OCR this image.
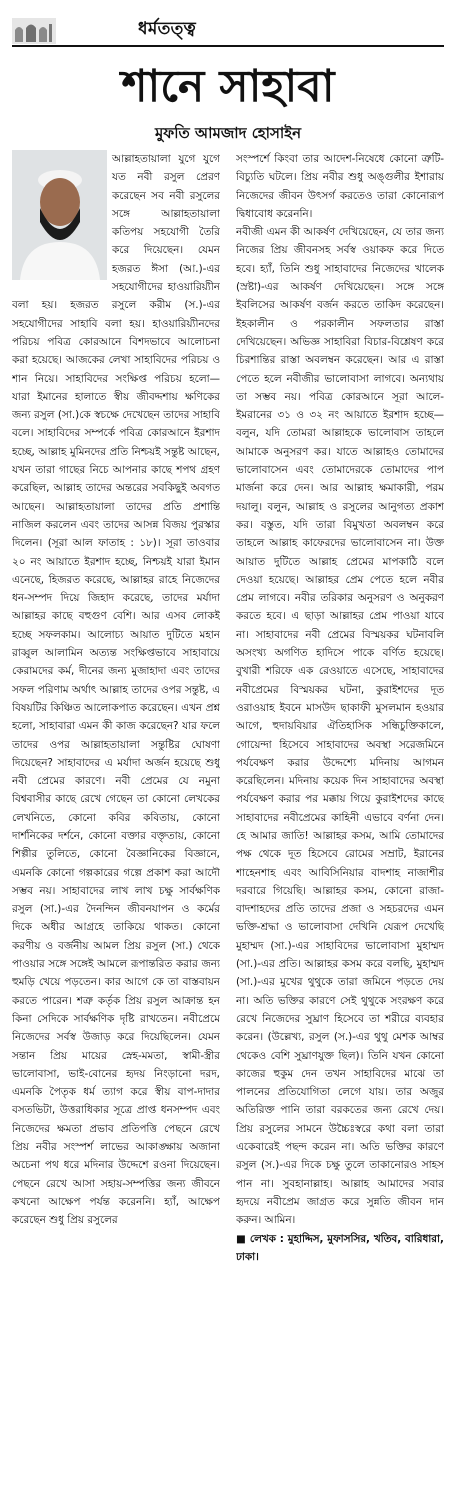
ধর্মতত্ত্ব
শানে সাহাবা
মুফতি আমজাদ হোসাইন

আল্লাহতায়ালা যুগে যুগে যত নবী রসুল প্রেরণ করেছেন সব নবী রসুলের সঙ্গে আল্লাহতায়ালা কতিপয় সহযোগী তৈরি করে দিয়েছেন। যেমন হজরত ঈসা (আ.)-এর সহযোগীদের হাওয়ারিয়্যীন বলা হয়। হজরত রসুলে করীম (স.)-এর সহযোগীদের সাহাবি বলা হয়। হাওয়ারিয়্যীনদের পরিচয় পবিত্র কোরআনে বিশদভাবে আলোচনা করা হয়েছে। আজকের লেখা সাহাবিদের পরিচয় ও শান নিয়ে। সাহাবিদের সংক্ষিপ্ত পরিচয় হলো— যারা ইমানের হালাতে স্বীয় জীবদ্দশায় ক্ষণিকের জন্য রসুল (সা.)কে স্বচক্ষে দেখেছেন তাদের সাহাবি বলে। সাহাবিদের সম্পর্কে পবিত্র কোরআনে ইরশাদ হচ্ছে, আল্লাহ মুমিনদের প্রতি নিশ্চয়ই সন্তুষ্ট আছেন, যখন তারা গাছের নিচে আপনার কাছে শপথ গ্রহণ করেছিল, আল্লাহ তাদের অন্তরের সবকিছুই অবগত আছেন। আল্লাহতায়ালা তাদের প্রতি প্রশান্তি নাজিল করলেন এবং তাদের আসন্ন বিজয় পুরস্কার দিলেন। (সূরা আল ফাতাহ : ১৮)। সূরা তাওবার ২০ নং আয়াতে ইরশাদ হচ্ছে, নিশ্চয়ই যারা ইমান এনেছে, হিজরত করেছে, আল্লাহর রাহে নিজেদের ধন-সম্পদ দিয়ে জিহাদ করেছে, তাদের মর্যাদা আল্লাহর কাছে বহুগুণ বেশি। আর এসব লোকই হচ্ছে সফলকাম। আলোচ্য আয়াত দুটিতে মহান রাব্বুল আলামিন অত্যন্ত সংক্ষিপ্তভাবে সাহাবায়ে কেরামদের কর্ম, দীনের জন্য মুজাহাদা এবং তাদের সফল পরিণাম অর্থাৎ আল্লাহ তাদের ওপর সন্তুষ্ট, এ বিষয়টির কিঞ্চিত আলোকপাত করেছেন। এখন প্রশ্ন হলো, সাহাবারা এমন কী কাজ করেছেন? যার ফলে তাদের ওপর আল্লাহতায়ালা সন্তুষ্টির ঘোষণা দিয়েছেন? সাহাবাদের এ মর্যাদা অর্জন হয়েছে শুধু নবী প্রেমের কারণে। নবী প্রেমের যে নমুনা বিশ্ববাসীর কাছে রেখে গেছেন তা কোনো লেখকের লেখনিতে, কোনো কবির কবিতায়, কোনো দার্শনিকের দর্শনে, কোনো বক্তার বক্তৃতায়, কোনো শিল্পীর তুলিতে, কোনো বৈজ্ঞানিকের বিজ্ঞানে, এমনকি কোনো গল্পকারের গল্পে প্রকাশ করা আদৌ সম্ভব নয়। সাহাবাদের লাখ লাখ চক্ষু সার্বক্ষণিক রসুল (সা.)-এর দৈনন্দিন জীবনযাপন ও কর্মের দিকে অধীর আগ্রহে তাকিয়ে থাকত। কোনো করণীয় ও বর্জনীয় আমল প্রিয় রসুল (সা.) থেকে পাওয়ার সঙ্গে সঙ্গেই আমলে রূপান্তরিত করার জন্য হুমড়ি খেয়ে পড়তেন। কার আগে কে তা বাস্তবায়ন করতে পারেন। শত্রু কর্তৃক প্রিয় রসুল আক্রান্ত হন কিনা সেদিকে সার্বক্ষণিক দৃষ্টি রাখতেন। নবীপ্রেমে নিজেদের সর্বস্ব উজাড় করে দিয়েছিলেন। যেমন সন্তান প্রিয় মায়ের স্নেহ-মমতা, স্বামী-স্ত্রীর ভালোবাসা, ভাই-বোনের হৃদয় নিংড়ানো দরদ, এমনকি পৈতৃক ধর্ম ত্যাগ করে স্বীয় বাপ-দাদার বসতভিটা, উত্তরাধিকার সূত্রে প্রাপ্ত ধনসম্পদ এবং নিজেদের ক্ষমতা প্রভাব প্রতিপত্তি পেছনে রেখে প্রিয় নবীর সংস্পর্শ লাভের আকাঙ্ক্ষায় অজানা অচেনা পথ ধরে মদিনার উদ্দেশে রওনা দিয়েছেন। পেছনে রেখে আসা সহায়-সম্পত্তির জন্য জীবনে কখনো আক্ষেপ পর্যন্ত করেননি। হ্যাঁ, আক্ষেপ করেছেন শুধু প্রিয় রসুলের

সংস্পর্শে কিংবা তার আদেশ-নিষেধে কোনো ত্রুটি-বিচ্যুতি ঘটলে। প্রিয় নবীর শুধু অঙ্গুলীর ইশারায় নিজেদের জীবন উৎসর্গ করতেও তারা কোনোরূপ দ্বিধাবোধ করেননি।

নবীজী এমন কী আকর্ষণ দেখিয়েছেন, যে তার জন্য নিজের প্রিয় জীবনসহ সর্বস্ব ওয়াকফ করে দিতে হবে। হ্যাঁ, তিনি শুধু সাহাবাদের নিজেদের খালেক (স্রষ্টা)-এর আকর্ষণ দেখিয়েছেন। সঙ্গে সঙ্গে ইবলিসের আকর্ষণ বর্জন করতে তাকিদ করেছেন। ইহকালীন ও পরকালীন সফলতার রাস্তা দেখিয়েছেন। অভিজ্ঞ সাহাবিরা বিচার-বিশ্লেষণ করে চিরশান্তির রাস্তা অবলম্বন করেছেন। আর এ রাস্তা পেতে হলে নবীজীর ভালোবাসা লাগবে। অন্যথায় তা সম্ভব নয়। পবিত্র কোরআনে সূরা আলে-ইমরানের ৩১ ও ৩২ নং আয়াতে ইরশাদ হচ্ছে— বলুন, যদি তোমরা আল্লাহকে ভালোবাস তাহলে আমাকে অনুসরণ কর। যাতে আল্লাহও তোমাদের ভালোবাসেন এবং তোমাদেরকে তোমাদের পাপ মার্জনা করে দেন। আর আল্লাহ ক্ষমাকারী, পরম দয়ালু। বলুন, আল্লাহ ও রসুলের আনুগত্য প্রকাশ কর। বস্তুত, যদি তারা বিমুখতা অবলম্বন করে তাহলে আল্লাহ কাফেরদের ভালোবাসেন না। উক্ত আয়াত দুটিতে আল্লাহ প্রেমের মাপকাঠি বলে দেওয়া হয়েছে। আল্লাহর প্রেম পেতে হলে নবীর প্রেম লাগবে। নবীর তরিকার অনুসরণ ও অনুকরণ করতে হবে। এ ছাড়া আল্লাহর প্রেম পাওয়া যাবে না। সাহাবাদের নবী প্রেমের বিস্ময়কর ঘটনাবলি অসংখ্য অগণিত হাদিসে পাকে বর্ণিত হয়েছে। বুখারী শরিফে এক রেওয়াতে এসেছে, সাহাবাদের নবীপ্রেমের বিস্ময়কর ঘটনা, কুরাইশদের দূত ওরাওয়াহ ইবনে মাসউদ ছাকাফী মুসলমান হওয়ার আগে, হুদায়বিয়ার ঐতিহাসিক সন্ধিচুক্তিকালে, গোয়েন্দা হিসেবে সাহাবাদের অবস্থা সরেজমিনে পর্যবেক্ষণ করার উদ্দেশ্যে মদিনায় আগমন করেছিলেন। মদিনায় কয়েক দিন সাহাবাদের অবস্থা পর্যবেক্ষণ করার পর মক্কায় গিয়ে কুরাইশদের কাছে সাহাবাদের নবীপ্রেমের কাহিনী এভাবে বর্ণনা দেন। হে আমার জাতি! আল্লাহর কসম, আমি তোমাদের পক্ষ থেকে দূত হিসেবে রোমের সম্রাট, ইরানের শাহেনশাহ এবং আবিসিনিয়ার বাদশাহ নাজাশীর দরবারে গিয়েছি। আল্লাহর কসম, কোনো রাজা-বাদশাহদের প্রতি তাদের প্রজা ও সহচরদের এমন ভক্তি-শ্রদ্ধা ও ভালোবাসা দেখিনি যেরূপ দেখেছি মুহাম্মদ (সা.)-এর সাহাবিদের ভালোবাসা মুহাম্মদ (সা.)-এর প্রতি। আল্লাহর কসম করে বলছি, মুহাম্মদ (সা.)-এর মুখের থুথুকে তারা জমিনে পড়তে দেয় না। অতি ভক্তির কারণে সেই থুথুকে সংরক্ষণ করে রেখে নিজেদের সুঘ্রাণ হিসেবে তা শরীরে ব্যবহার করেন। (উল্লেখ্য, রসুল (স.)-এর থুথু মেশক আম্বর থেকেও বেশি সুঘ্রাণযুক্ত ছিল)। তিনি যখন কোনো কাজের হুকুম দেন তখন সাহাবিদের মাঝে তা পালনের প্রতিযোগিতা লেগে যায়। তার অজুর অতিরিক্ত পানি তারা বরকতের জন্য রেখে দেয়। প্রিয় রসুলের সামনে উচ্চৈঃস্বরে কথা বলা তারা একেবারেই পছন্দ করেন না। অতি ভক্তির কারণে রসুল (স.)-এর দিকে চক্ষু তুলে তাকানোরও সাহস পান না। সুবহানাল্লাহ। আল্লাহ আমাদের সবার হৃদয়ে নবীপ্রেম জাগ্রত করে সুন্নতি জীবন দান করুন। আমিন।

■ লেখক : মুহাদ্দিস, মুফাসসির, খতিব, বারিধারা, ঢাকা।
